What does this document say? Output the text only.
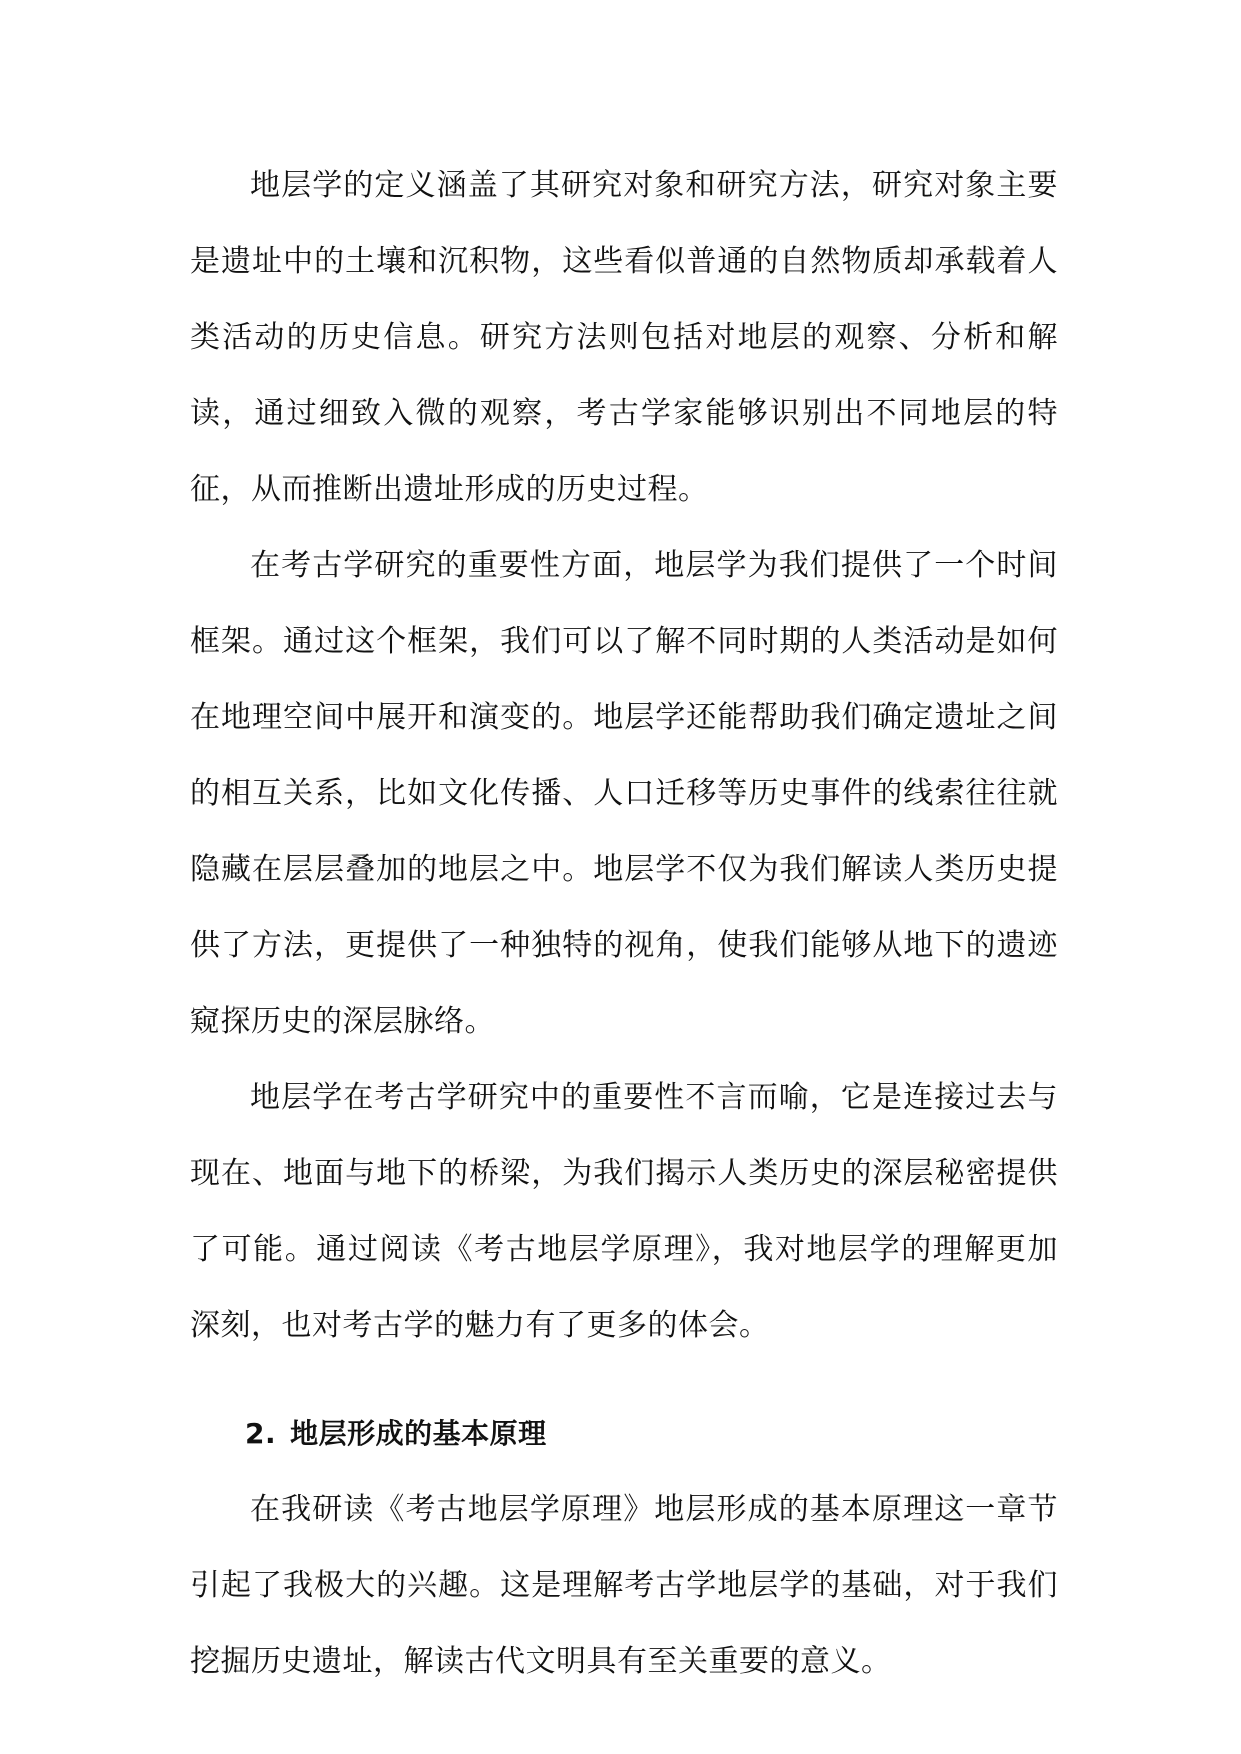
地层学的定义涵盖了其研究对象和研究方法，研究对象主要是遗址中的土壤和沉积物，这些看似普通的自然物质却承载着人类活动的历史信息。研究方法则包括对地层的观察、分析和解读，通过细致入微的观察，考古学家能够识别出不同地层的特征，从而推断出遗址形成的历史过程。

在考古学研究的重要性方面，地层学为我们提供了一个时间框架。通过这个框架，我们可以了解不同时期的人类活动是如何在地理空间中展开和演变的。地层学还能帮助我们确定遗址之间的相互关系，比如文化传播、人口迁移等历史事件的线索往往就隐藏在层层叠加的地层之中。地层学不仅为我们解读人类历史提供了方法，更提供了一种独特的视角，使我们能够从地下的遗迹窥探历史的深层脉络。

地层学在考古学研究中的重要性不言而喻，它是连接过去与现在、地面与地下的桥梁，为我们揭示人类历史的深层秘密提供了可能。通过阅读《考古地层学原理》，我对地层学的理解更加深刻，也对考古学的魅力有了更多的体会。

2. 地层形成的基本原理

在我研读《考古地层学原理》地层形成的基本原理这一章节引起了我极大的兴趣。这是理解考古学地层学的基础，对于我们挖掘历史遗址，解读古代文明具有至关重要的意义。
